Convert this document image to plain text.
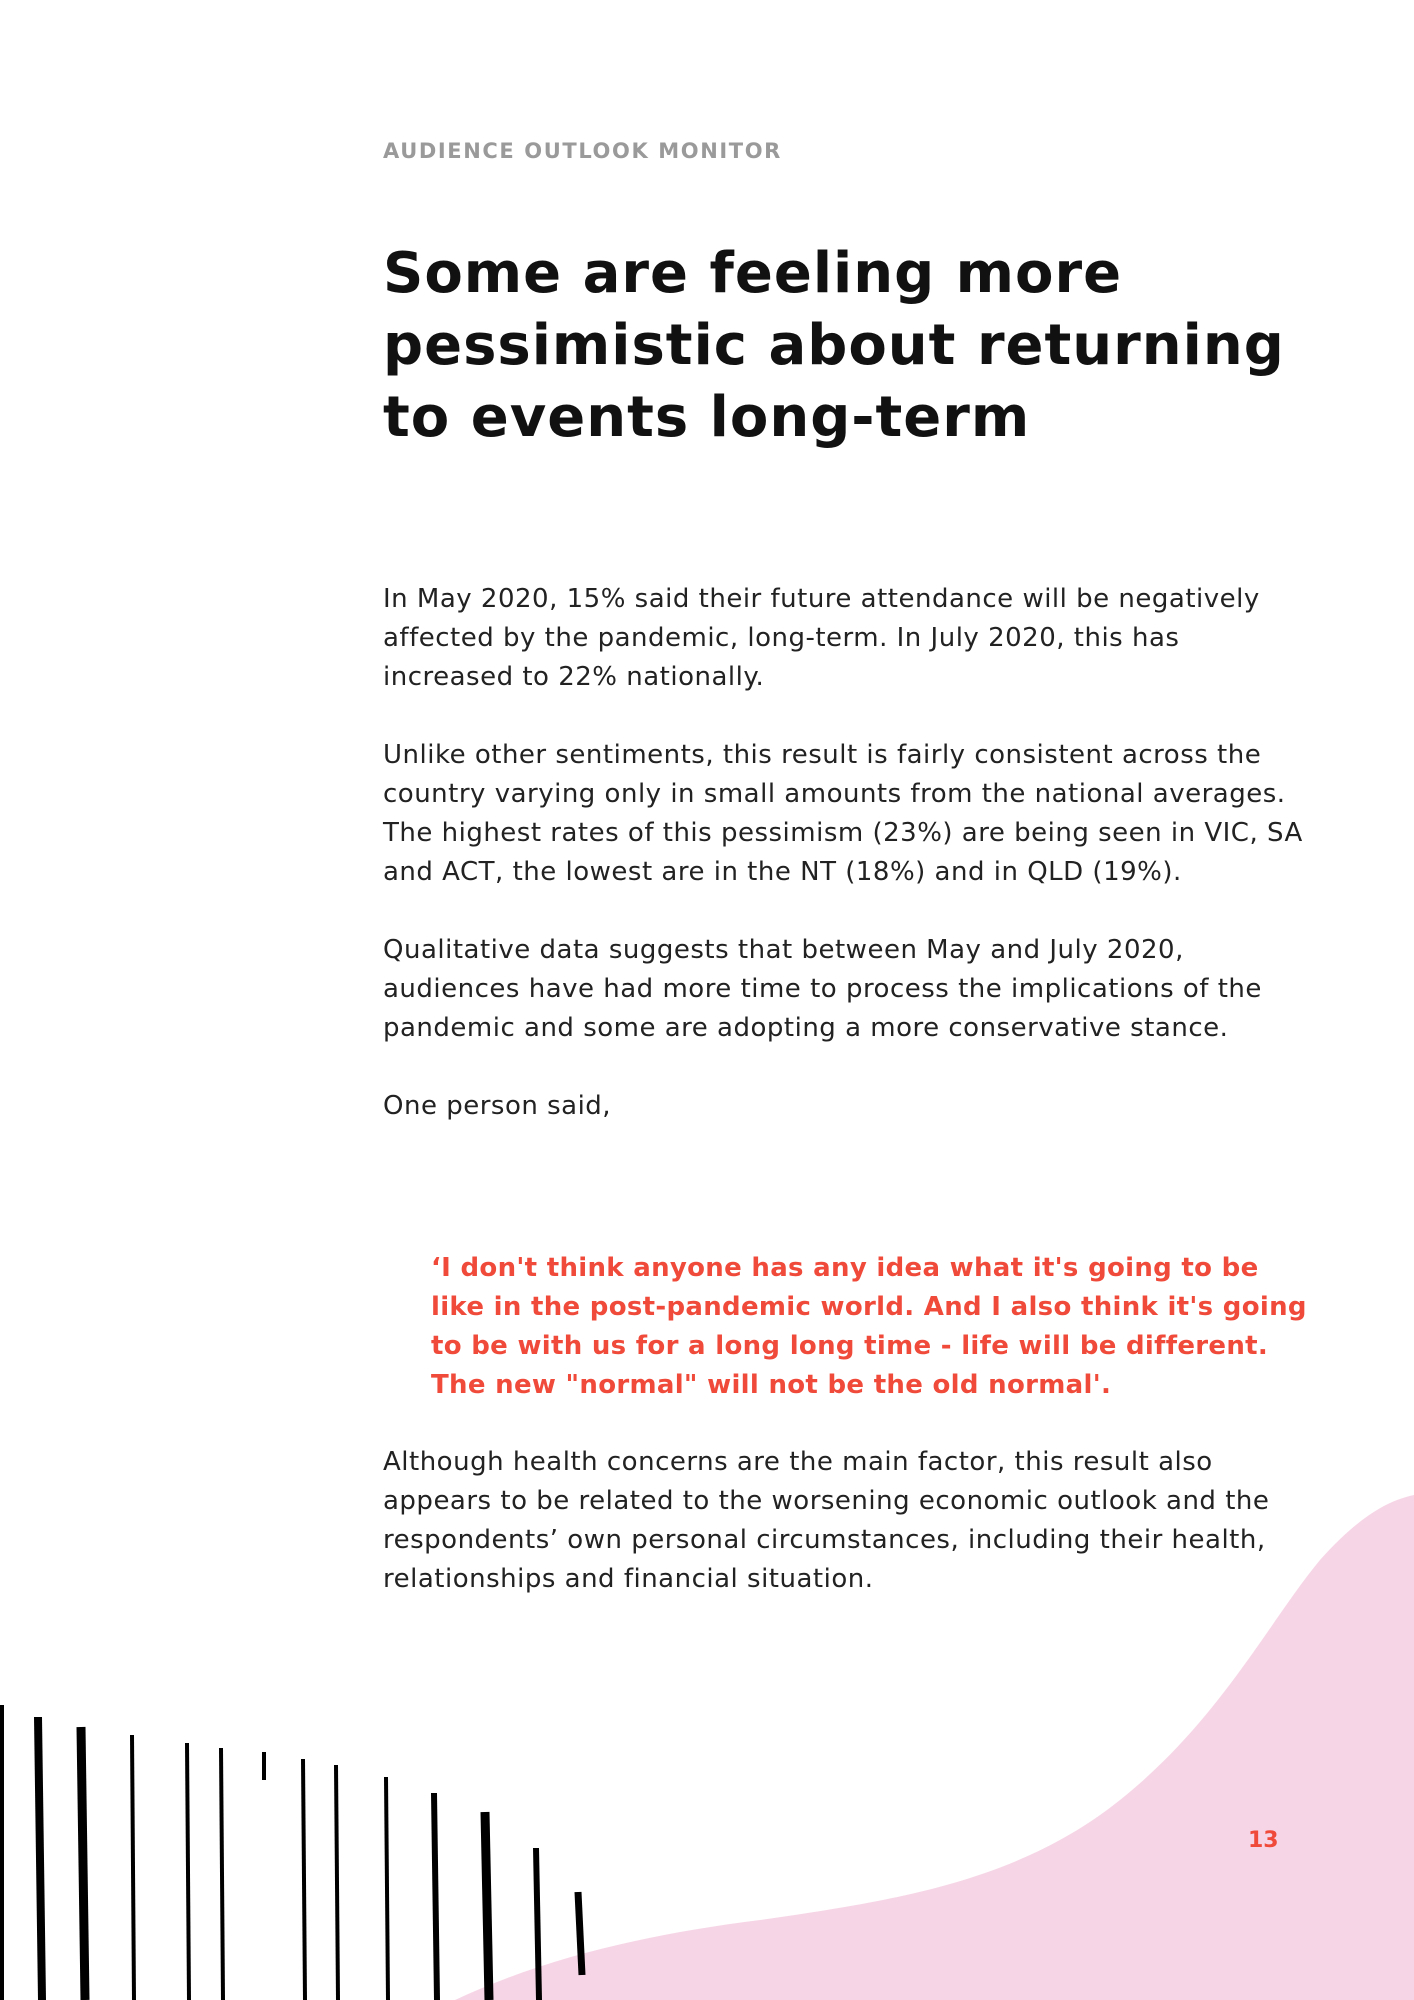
AUDIENCE OUTLOOK MONITOR
Some are feeling more pessimistic about returning to events long-term

In May 2020, 15% said their future attendance will be negatively affected by the pandemic, long-term. In July 2020, this has increased to 22% nationally.

Unlike other sentiments, this result is fairly consistent across the country varying only in small amounts from the national averages. The highest rates of this pessimism (23%) are being seen in VIC, SA and ACT, the lowest are in the NT (18%) and in QLD (19%).

Qualitative data suggests that between May and July 2020, audiences have had more time to process the implications of the pandemic and some are adopting a more conservative stance.

One person said,

‘I don't think anyone has any idea what it's going to be like in the post-pandemic world. And I also think it's going to be with us for a long long time - life will be different. The new "normal" will not be the old normal'.

Although health concerns are the main factor, this result also appears to be related to the worsening economic outlook and the respondents’ own personal circumstances, including their health, relationships and financial situation.

13
